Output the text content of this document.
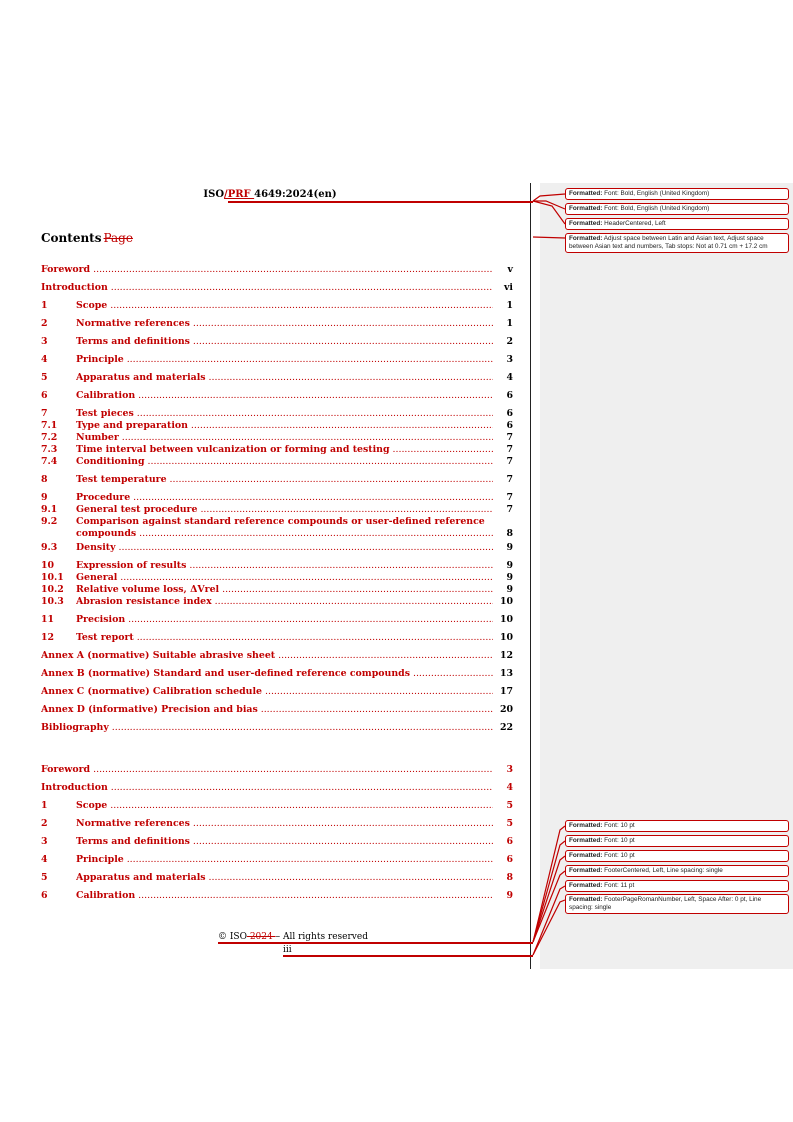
ISO/PRF 4649:2024(en)
Contents Page
Foreword .....	v
Introduction .....	vi
1	Scope .....	1
2	Normative references .....	1
3	Terms and definitions .....	2
4	Principle .....	3
5	Apparatus and materials .....	4
6	Calibration .....	6
7	Test pieces .....	6
7.1 Type and preparation .....	6
7.2 Number .....	7
7.3 Time interval between vulcanization or forming and testing .....	7
7.4 Conditioning .....	7
8	Test temperature .....	7
9	Procedure .....	7
9.1 General test procedure .....	7
9.2 Comparison against standard reference compounds or user-defined reference
compounds .....	8
9.3 Density .....	9
10 Expression of results .....	9
10.1 General .....	9
10.2 Relative volume loss, ΔVrel .....	9
10.3 Abrasion resistance index .....	10
11 Precision .....	10
12 Test report .....	10
Annex A (normative) Suitable abrasive sheet .....	12
Annex B (normative) Standard and user-defined reference compounds .....	13
Annex C (normative) Calibration schedule .....	17
Annex D (informative) Precision and bias .....	20
Bibliography .....	22
Foreword .....	3
Introduction .....	4
1	Scope .....	5
2	Normative references .....	5
3	Terms and definitions .....	6
4	Principle .....	6
5	Apparatus and materials .....	8
6	Calibration .....	9
© ISO 2024 – All rights reserved
iii
Formatted: Font: Bold, English (United Kingdom)
Formatted: Font: Bold, English (United Kingdom)
Formatted: HeaderCentered, Left
Formatted: Adjust space between Latin and Asian text, Adjust space between Asian text and numbers, Tab stops: Not at 0.71 cm + 17.2 cm
Formatted: Font: 10 pt
Formatted: Font: 10 pt
Formatted: Font: 10 pt
Formatted: FooterCentered, Left, Line spacing: single
Formatted: Font: 11 pt
Formatted: FooterPageRomanNumber, Left, Space After: 0 pt, Line spacing: single
